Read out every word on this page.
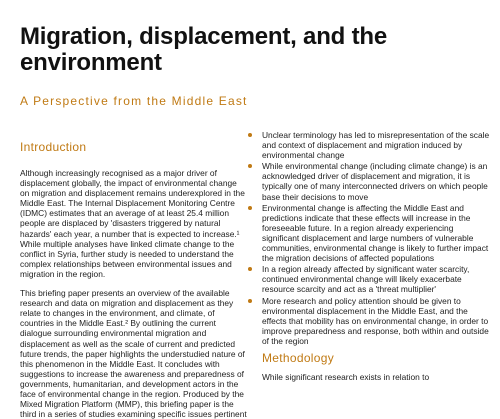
Migration, displacement, and the environment
A Perspective from the Middle East
Introduction

Although increasingly recognised as a major driver of displacement globally, the impact of environmental change on migration and displacement remains underexplored in the Middle East. The Internal Displacement Monitoring Centre (IDMC) estimates that an average of at least 25.4 million people are displaced by 'disasters triggered by natural hazards' each year, a number that is expected to increase.¹ While multiple analyses have linked climate change to the conflict in Syria, further study is needed to understand the complex relationships between environmental issues and migration in the region.

This briefing paper presents an overview of the available research and data on migration and displacement as they relate to changes in the environment, and climate, of countries in the Middle East.² By outlining the current dialogue surrounding environmental migration and displacement as well as the scale of current and predicted future trends, the paper highlights the understudied nature of this phenomenon in the Middle East. It concludes with suggestions to increase the awareness and preparedness of governments, humanitarian, and development actors in the face of environmental change in the region. Produced by the Mixed Migration Platform (MMP), this briefing paper is the third in a series of studies examining specific issues pertinent

Unclear terminology has led to misrepresentation of the scale and context of displacement and migration induced by environmental change
While environmental change (including climate change) is an acknowledged driver of displacement and migration, it is typically one of many interconnected drivers on which people base their decisions to move
Environmental change is affecting the Middle East and predictions indicate that these effects will increase in the foreseeable future. In a region already experiencing significant displacement and large numbers of vulnerable communities, environmental change is likely to further impact the migration decisions of affected populations
In a region already affected by significant water scarcity, continued environmental change will likely exacerbate resource scarcity and act as a 'threat multiplier'
More research and policy attention should be given to environmental displacement in the Middle East, and the effects that mobility has on environmental change, in order to improve preparedness and response, both within and outside of the region
Methodology
While significant research exists in relation to
